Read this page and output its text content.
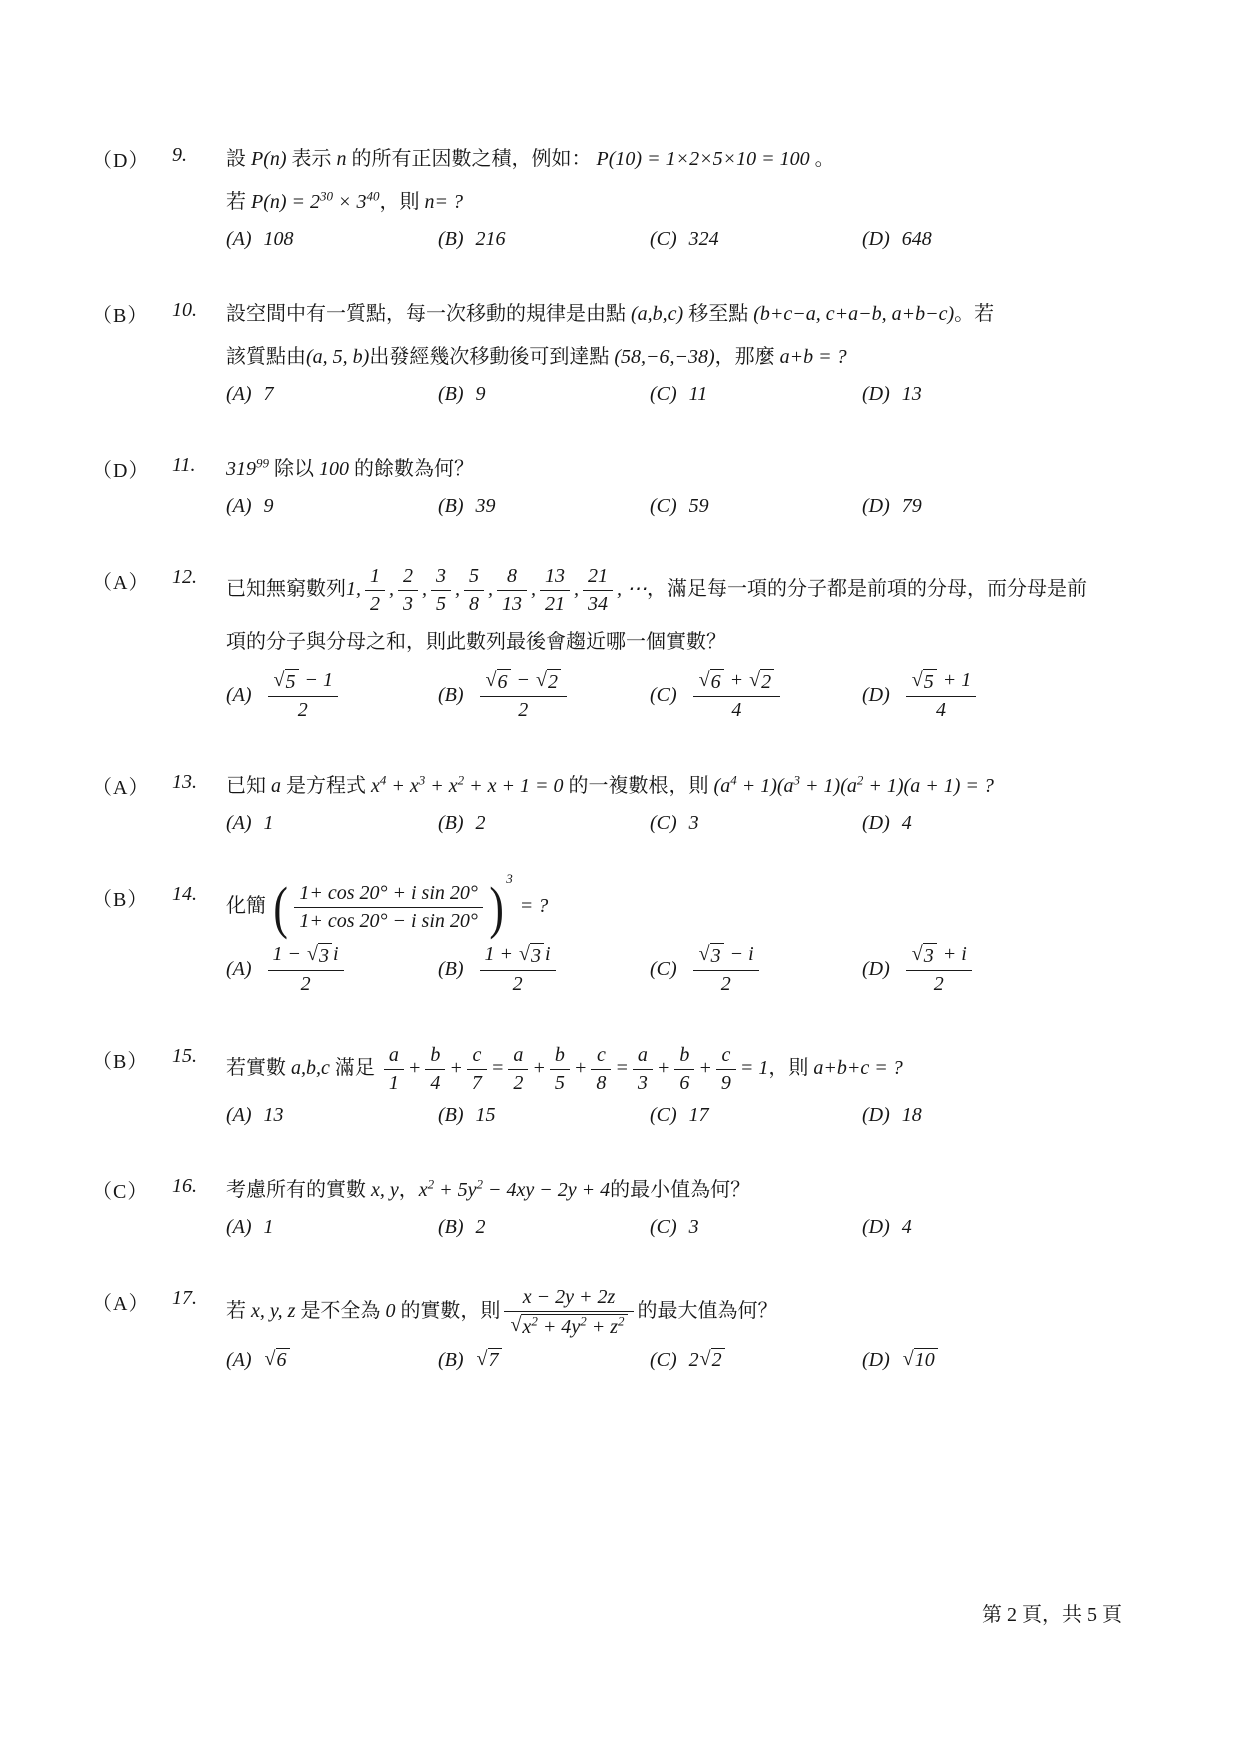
（D）	9.	設 P(n) 表示 n 的所有正因數之積，例如： P(10) = 1×2×5×10 = 100 。
若 $P(n) = 2^{30} \times 3^{40}$，則 n= ?
(A) 108	(B) 216	(C) 324	(D) 648
（B）	10.	設空間中有一質點，每一次移動的規律是由點 (a,b,c) 移至點 (b+c−a, c+a−b, a+b−c)。若
該質點由(a, 5, b)出發經幾次移動後可到達點 (58,−6,−38)，那麼 a+b = ?
(A) 7	(B) 9	(C) 11	(D) 13
（D）	11.	$319^{99}$ 除以 100 的餘數為何？
(A) 9	(B) 39	(C) 59	(D) 79
（A）	12.
已知無窮數列1, $\frac{1}{2}$ , $\frac{2}{3}$ , $\frac{3}{5}$ , $\frac{5}{8}$ , $\frac{8}{13}$ , $\frac{13}{21}$ , $\frac{21}{34}$ , ⋯，滿足每一項的分子都是前項的分母，而分母是前
項的分子與分母之和，則此數列最後會趨近哪一個實數？
$(A) \frac{√ 5 - 1}{2}$	$(B) \frac{√ 6 - √ 2}{2}$	$(C) \frac{√ 6 + √ 2}{4}$	$(D) \frac{√ 5 + 1}{4}$
（A）	13.	已知 a 是方程式 $x^4 + x^3 + x^2 + x + 1 = 0$ 的一複數根，則 $(a^4 + 1)(a^3 + 1)(a^2 + 1)(a + 1)$ = ?
(A) 1	(B) 2	(C) 3	(D) 4
（B）	14.
化簡 ( $\frac{\text{1+ cos 20° + i sin 20°}}{\text{1+ cos 20° − i sin 20°}}$ ) 3
= ?
$(A) \frac{1 - √ 3 i}{2}$	$(B) \frac{1 + √ 3 i}{2}$	$(C) \frac{√ 3 - i}{2}$	$(D) \frac{√ 3 + i}{2}$
（B）	15.
若實數 a,b,c 滿足 $\frac{a}{1} + \frac{b}{4} + \frac{c}{7} = \frac{a}{2} + \frac{b}{5} + \frac{c}{8} = \frac{a}{3} + \frac{b}{6} + \frac{c}{9} = 1$，則 a+b+c = ?
(A) 13	(B) 15	(C) 17	(D) 18
（C）	16.	考慮所有的實數 x, y，$x^2 + 5y^2 - 4xy - 2y + 4$的最小值為何？
(A) 1	(B) 2	(C) 3	(D) 4
（A）	17.
若 x, y, z 是不全為 0 的實數，則 $\frac{x - 2y + 2z}{√ x^2 + 4y^2 + z^2}$ 的最大值為何？
(A) √ 6	(B) √ 7	(C) 2 √ 2	(D) √ 10
第 2 頁，共 5 頁
